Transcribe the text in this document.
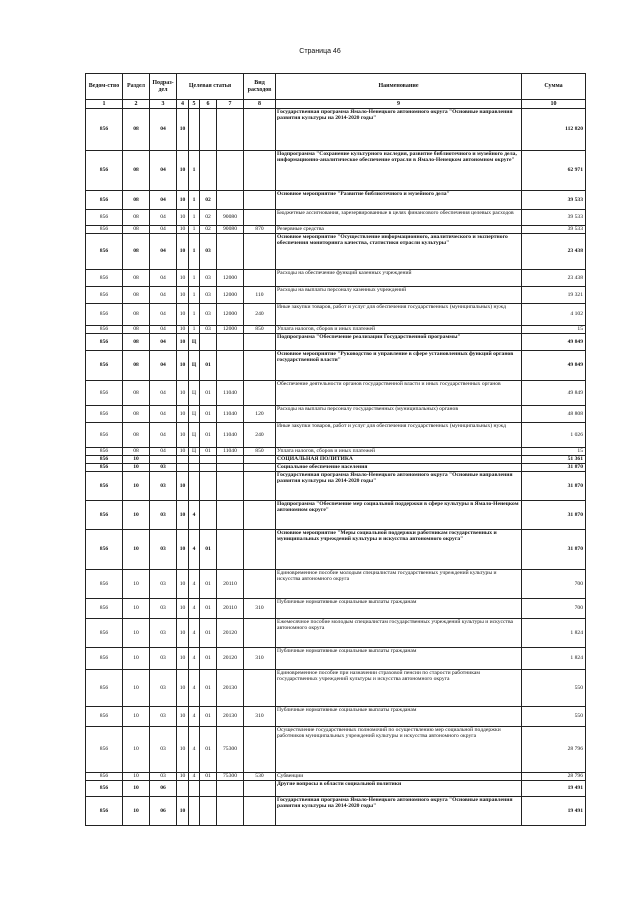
Страница 46
Ведом-ство	Раздел	Подраз-дел	Целевая статья				Вид расходов	Наименование	Сумма
1	2	3	4	5	6	7	8	9	10
856	08	04	10					Государственная программа Ямало-Ненецкого автономного округа "Основные направления развития культуры на 2014-2020 годы"	112 820
856	08	04	10	1				Подпрограмма "Сохранение культурного наследия, развитие библиотечного и музейного дела, информационно-аналитическое обеспечение отрасли в Ямало-Ненецком автономном округе"	62 971
856	08	04	10	1	02			Основное мероприятие "Развитие библиотечного и музейного дела"	39 533
856	08	04	10	1	02	90080		Бюджетные ассигнования, зарезервированные в целях финансового обеспечения целевых расходов	39 533
856	08	04	10	1	02	90080	870	Резервные средства	39 533
856	08	04	10	1	03			Основное мероприятие "Осуществление информационного, аналитического и экспертного обеспечения мониторинга качества, статистики отрасли культуры"	23 438
856	08	04	10	1	03	12000		Расходы на обеспечение функций казенных учреждений	23 438
856	08	04	10	1	03	12000	110	Расходы на выплаты персоналу казенных учреждений	19 321
856	08	04	10	1	03	12000	240	Иные закупки товаров, работ и услуг для обеспечения государственных (муниципальных) нужд	4 102
856	08	04	10	1	03	12000	850	Уплата налогов, сборов и иных платежей	15
856	08	04	10	Ц				Подпрограмма "Обеспечение реализации Государственной программы"	49 849
856	08	04	10	Ц	01			Основное мероприятие "Руководство и управление в сфере установленных функций органов государственной власти"	49 849
856	08	04	10	Ц	01	11040		Обеспечение деятельности органов государственной власти и иных государственных органов	49 849
856	08	04	10	Ц	01	11040	120	Расходы на выплаты персоналу государственных (муниципальных) органов	48 808
856	08	04	10	Ц	01	11040	240	Иные закупки товаров, работ и услуг для обеспечения государственных (муниципальных) нужд	1 026
856	08	04	10	Ц	01	11040	850	Уплата налогов, сборов и иных платежей	15
856	10							СОЦИАЛЬНАЯ ПОЛИТИКА	51 361
856	10	03						Социальное обеспечение населения	31 870
856	10	03	10					Государственная программа Ямало-Ненецкого автономного округа "Основные направления развития культуры на 2014-2020 годы"	31 870
856	10	03	10	4				Подпрограмма "Обеспечение мер социальной поддержки в сфере культуры в Ямало-Ненецком автономном округе"	31 870
856	10	03	10	4	01			Основное мероприятие "Меры социальной поддержки работникам государственных и муниципальных учреждений культуры и искусства автономного округа"	31 870
856	10	03	10	4	01	20110		Единовременное пособие молодым специалистам государственных учреждений культуры и искусства автономного округа	700
856	10	03	10	4	01	20110	310	Публичные нормативные социальные выплаты гражданам	700
856	10	03	10	4	01	20120		Ежемесячное пособие молодым специалистам государственных учреждений культуры и искусства автономного округа	1 824
856	10	03	10	4	01	20120	310	Публичные нормативные социальные выплаты гражданам	1 824
856	10	03	10	4	01	20130		Единовременное пособие при назначении страховой пенсии по старости работникам государственных учреждений культуры и искусства автономного округа	550
856	10	03	10	4	01	20130	310	Публичные нормативные социальные выплаты гражданам	550
856	10	03	10	4	01	75300		Осуществление государственных полномочий по осуществлению мер социальной поддержки работников муниципальных учреждений культуры и искусства автономного округа	28 796
856	10	03	10	4	01	75300	530	Субвенции	28 796
856	10	06						Другие вопросы в области социальной политики	19 491
856	10	06	10					Государственная программа Ямало-Ненецкого автономного округа "Основные направления развития культуры на 2014-2020 годы"	19 491
